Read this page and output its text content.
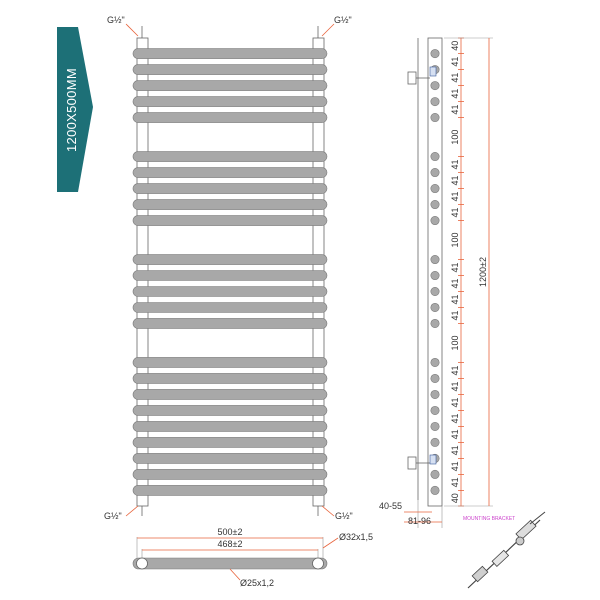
1200X500MM
G½"	G½"
G½"	G½"
500±2
468±2
Ø32x1,5
Ø25x1,2
40
41
41
41
41
100
41
41
41
41
100
41
41
41
41
100
41
41
41
41
41
41
41
41
40
1200±2
40-55
81-96	MOUNTING BRACKET
